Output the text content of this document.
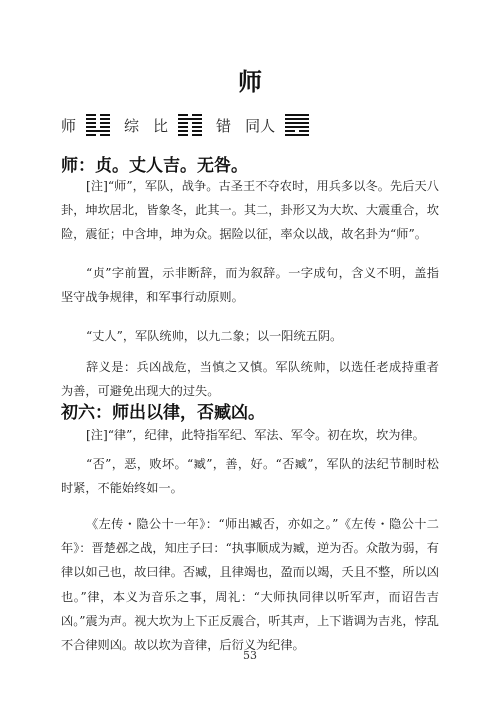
师
师	综 比	错 同人
师：贞。丈人吉。无咎。

[注]“师”，军队，战争。古圣王不夺农时，用兵多以冬。先后天八卦，坤坎居北，皆象冬，此其一。其二，卦形又为大坎、大震重合，坎险，震征；中含坤，坤为众。据险以征，率众以战，故名卦为“师”。

“贞”字前置，示非断辞，而为叙辞。一字成句，含义不明，盖指坚守战争规律，和军事行动原则。

“丈人”，军队统帅，以九二象；以一阳统五阴。

辞义是：兵凶战危，当慎之又慎。军队统帅，以选任老成持重者为善，可避免出现大的过失。

初六：师出以律，否臧凶。

[注]“律”，纪律，此特指军纪、军法、军令。初在坎，坎为律。

“否”，恶，败坏。“臧”，善，好。“否臧”，军队的法纪节制时松时紧，不能始终如一。

《左传・隐公十一年》：“师出臧否，亦如之。”《左传・隐公十二年》：晋楚邲之战，知庄子曰：“执事顺成为臧，逆为否。众散为弱，有律以如己也，故曰律。否臧，且律竭也，盈而以竭，夭且不整，所以凶也。”律，本义为音乐之事，周礼：“大师执同律以听军声，而诏告吉凶。”震为声。视大坎为上下正反震合，听其声，上下谐调为吉兆，悖乱不合律则凶。故以坎为音律，后衍义为纪律。

53
